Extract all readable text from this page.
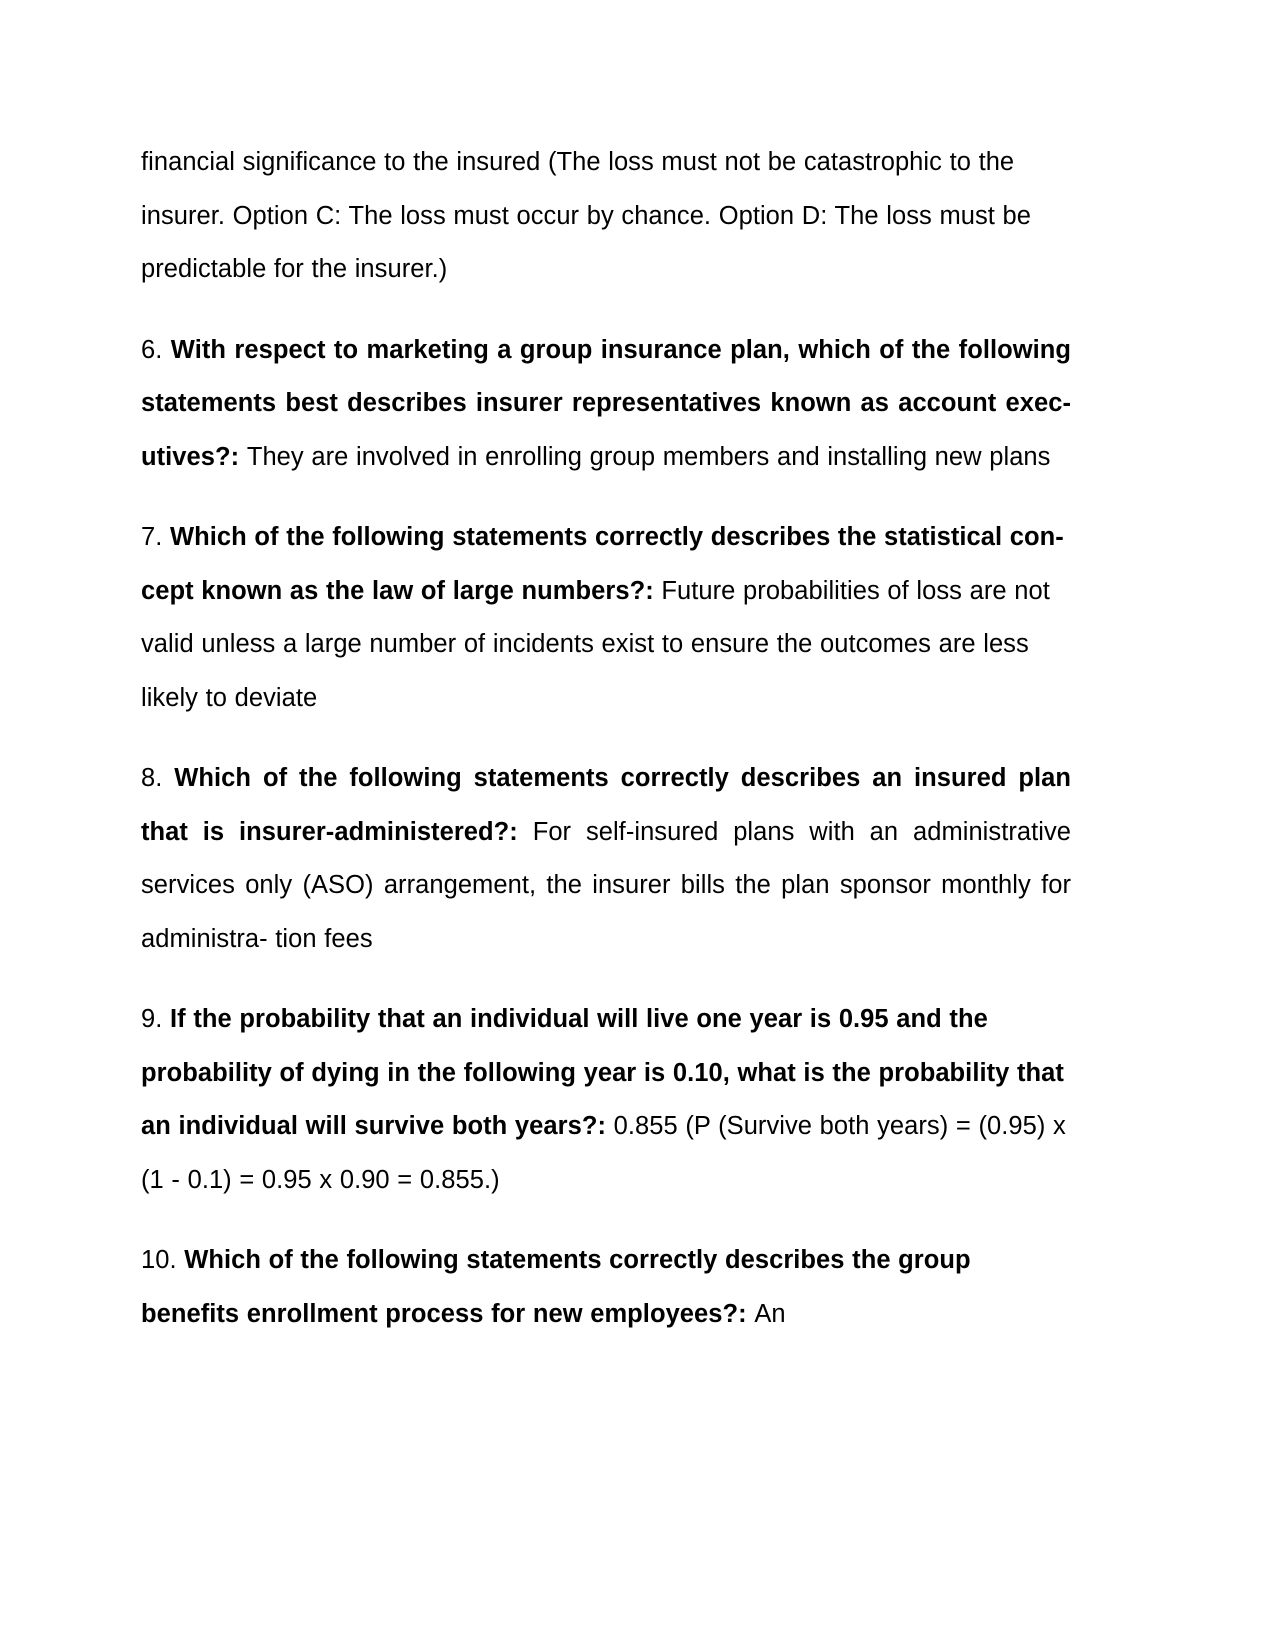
financial significance to the insured (The loss must not be catastrophic to the insurer. Option C: The loss must occur by chance. Option D: The loss must be predictable for the insurer.)

6. With respect to marketing a group insurance plan, which of the following statements best describes insurer representatives known as account exec- utives?: They are involved in enrolling group members and installing new plans

7. Which of the following statements correctly describes the statistical con- cept known as the law of large numbers?: Future probabilities of loss are not valid unless a large number of incidents exist to ensure the outcomes are less likely to deviate

8. Which of the following statements correctly describes an insured plan that is insurer-administered?: For self-insured plans with an administrative services only (ASO) arrangement, the insurer bills the plan sponsor monthly for administra- tion fees

9. If the probability that an individual will live one year is 0.95 and the probability of dying in the following year is 0.10, what is the probability that an individual will survive both years?: 0.855 (P (Survive both years) = (0.95) x (1 - 0.1) = 0.95 x 0.90 = 0.855.)

10. Which of the following statements correctly describes the group benefits enrollment process for new employees?: An
